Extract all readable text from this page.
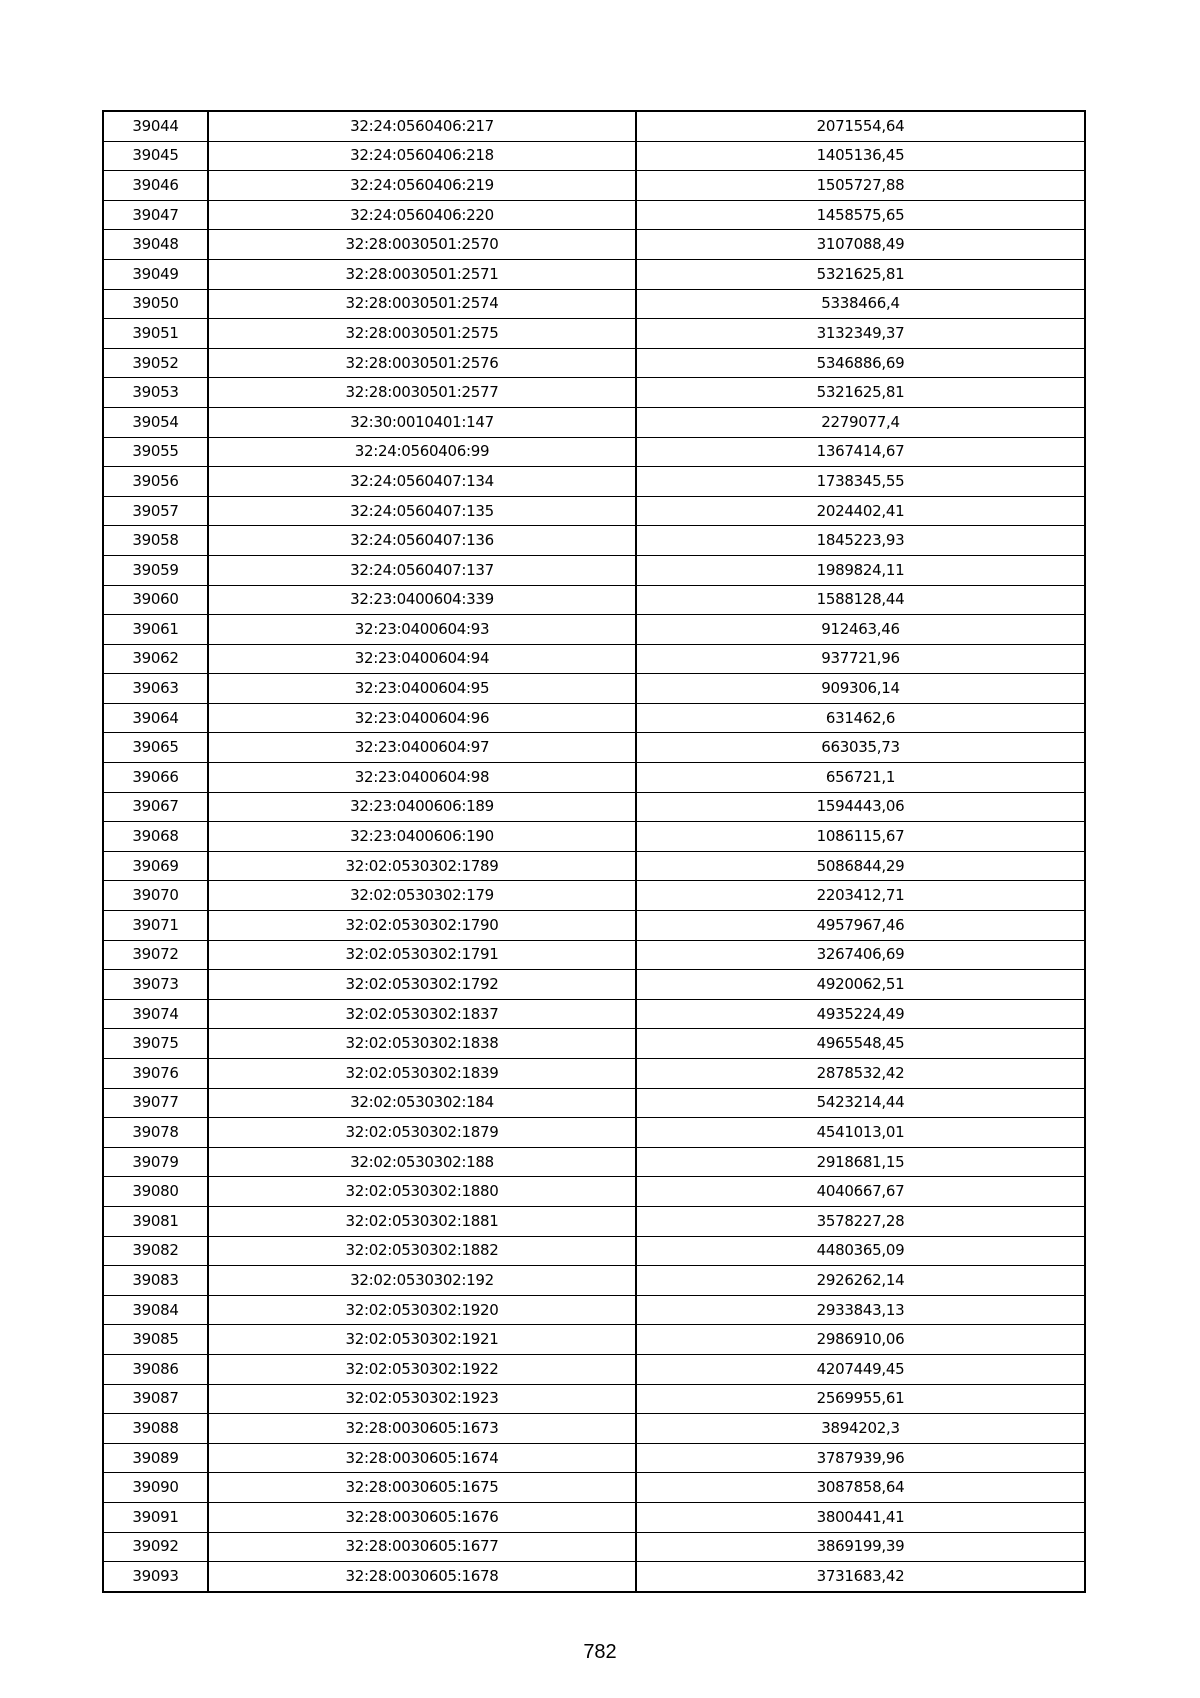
39044	32:24:0560406:217	2071554,64
39045	32:24:0560406:218	1405136,45
39046	32:24:0560406:219	1505727,88
39047	32:24:0560406:220	1458575,65
39048	32:28:0030501:2570	3107088,49
39049	32:28:0030501:2571	5321625,81
39050	32:28:0030501:2574	5338466,4
39051	32:28:0030501:2575	3132349,37
39052	32:28:0030501:2576	5346886,69
39053	32:28:0030501:2577	5321625,81
39054	32:30:0010401:147	2279077,4
39055	32:24:0560406:99	1367414,67
39056	32:24:0560407:134	1738345,55
39057	32:24:0560407:135	2024402,41
39058	32:24:0560407:136	1845223,93
39059	32:24:0560407:137	1989824,11
39060	32:23:0400604:339	1588128,44
39061	32:23:0400604:93	912463,46
39062	32:23:0400604:94	937721,96
39063	32:23:0400604:95	909306,14
39064	32:23:0400604:96	631462,6
39065	32:23:0400604:97	663035,73
39066	32:23:0400604:98	656721,1
39067	32:23:0400606:189	1594443,06
39068	32:23:0400606:190	1086115,67
39069	32:02:0530302:1789	5086844,29
39070	32:02:0530302:179	2203412,71
39071	32:02:0530302:1790	4957967,46
39072	32:02:0530302:1791	3267406,69
39073	32:02:0530302:1792	4920062,51
39074	32:02:0530302:1837	4935224,49
39075	32:02:0530302:1838	4965548,45
39076	32:02:0530302:1839	2878532,42
39077	32:02:0530302:184	5423214,44
39078	32:02:0530302:1879	4541013,01
39079	32:02:0530302:188	2918681,15
39080	32:02:0530302:1880	4040667,67
39081	32:02:0530302:1881	3578227,28
39082	32:02:0530302:1882	4480365,09
39083	32:02:0530302:192	2926262,14
39084	32:02:0530302:1920	2933843,13
39085	32:02:0530302:1921	2986910,06
39086	32:02:0530302:1922	4207449,45
39087	32:02:0530302:1923	2569955,61
39088	32:28:0030605:1673	3894202,3
39089	32:28:0030605:1674	3787939,96
39090	32:28:0030605:1675	3087858,64
39091	32:28:0030605:1676	3800441,41
39092	32:28:0030605:1677	3869199,39
39093	32:28:0030605:1678	3731683,42
782
